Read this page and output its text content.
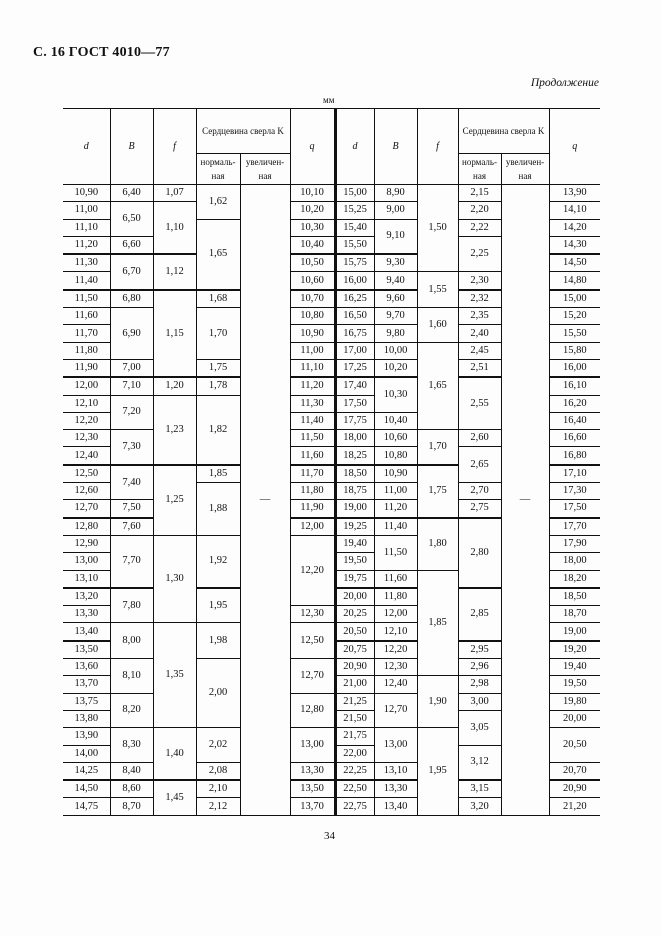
С. 16 ГОСТ 4010—77
Продолжение
мм
d	B	f	Сердцевина сверла K		q	d	B	f	Сердцевина сверла K		q
			нормаль-ная	увеличен-ная					нормаль-ная	увеличен-ная	
10,90	6,40	1,07	1,62	—	10,10	15,00	8,90	1,50	2,15	—	13,90
11,00	6,50	1,10			10,20	15,25	9,00		2,20		14,10
11,10			1,65		10,30	15,40	9,10		2,22		14,20
11,20	6,60				10,40	15,50			2,25		14,30
11,30	6,70	1,12			10,50	15,75	9,30				14,50
11,40					10,60	16,00	9,40	1,55	2,30		14,80
11,50	6,80	1,15	1,68		10,70	16,25	9,60		2,32		15,00
11,60	6,90		1,70		10,80	16,50	9,70	1,60	2,35		15,20
11,70					10,90	16,75	9,80		2,40		15,50
11,80					11,00	17,00	10,00	1,65	2,45		15,80
11,90	7,00		1,75		11,10	17,25	10,20		2,51		16,00
12,00	7,10	1,20	1,78		11,20	17,40	10,30		2,55		16,10
12,10	7,20	1,23	1,82		11,30	17,50					16,20
12,20					11,40	17,75	10,40				16,40
12,30	7,30				11,50	18,00	10,60	1,70	2,60		16,60
12,40					11,60	18,25	10,80		2,65		16,80
12,50	7,40	1,25	1,85		11,70	18,50	10,90	1,75			17,10
12,60			1,88		11,80	18,75	11,00		2,70		17,30
12,70	7,50				11,90	19,00	11,20		2,75		17,50
12,80	7,60				12,00	19,25	11,40	1,80	2,80		17,70
12,90	7,70	1,30	1,92		12,20	19,40	11,50				17,90
13,00						19,50					18,00
13,10						19,75	11,60	1,85			18,20
13,20	7,80		1,95			20,00	11,80		2,85		18,50
13,30					12,30	20,25	12,00				18,70
13,40	8,00	1,35	1,98		12,50	20,50	12,10				19,00
13,50						20,75	12,20		2,95		19,20
13,60	8,10		2,00		12,70	20,90	12,30		2,96		19,40
13,70						21,00	12,40	1,90	2,98		19,50
13,75	8,20				12,80	21,25	12,70		3,00		19,80
13,80						21,50			3,05		20,00
13,90	8,30	1,40	2,02		13,00	21,75	13,00	1,95			20,50
14,00						22,00			3,12		
14,25	8,40		2,08		13,30	22,25	13,10				20,70
14,50	8,60	1,45	2,10		13,50	22,50	13,30		3,15		20,90
14,75	8,70		2,12		13,70	22,75	13,40		3,20		21,20
34
